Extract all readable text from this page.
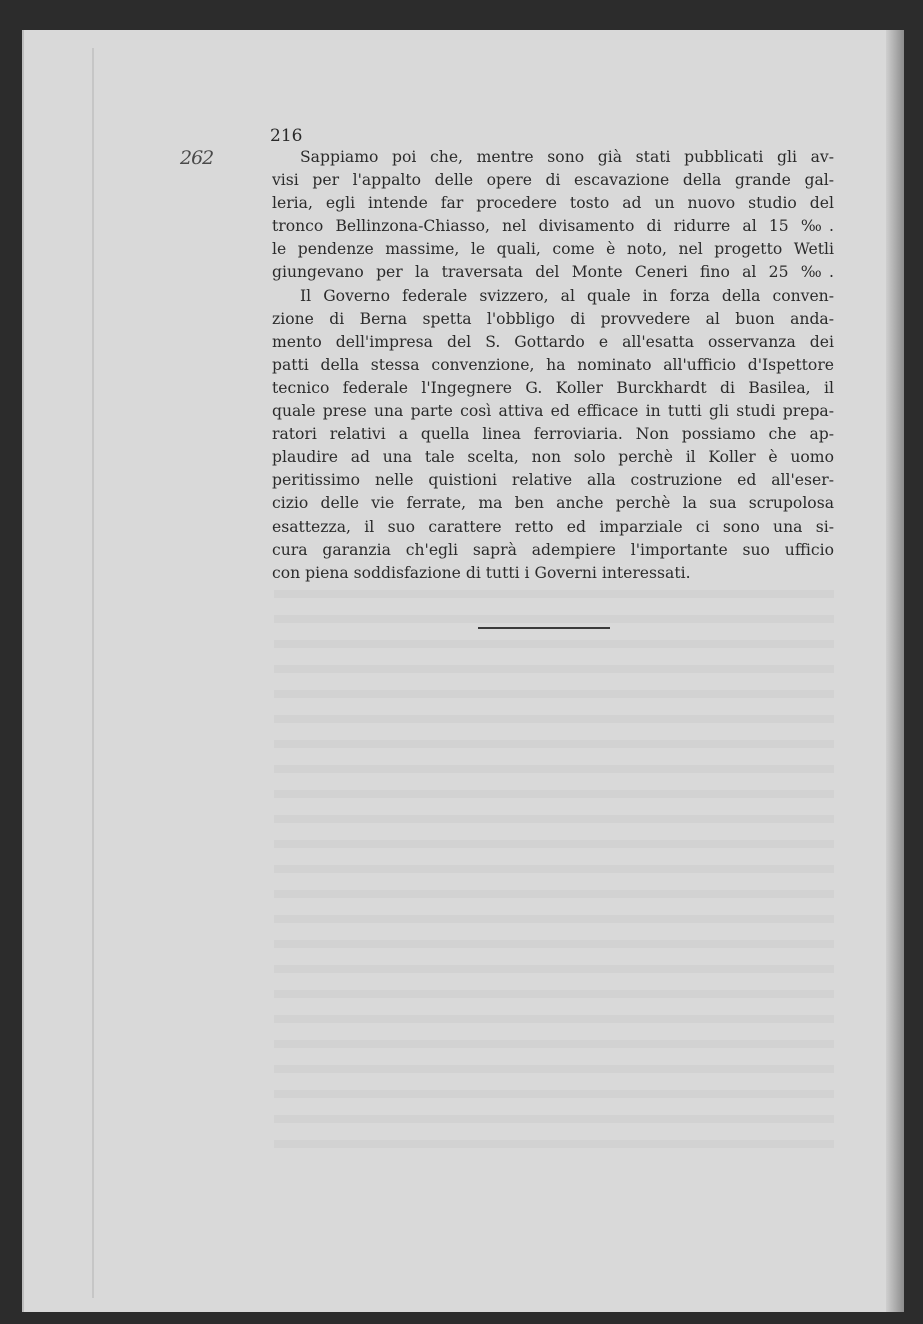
262
216
Sappiamo poi che, mentre sono già stati pubblicati gli av-
visi per l'appalto delle opere di escavazione della grande gal-
leria, egli intende far procedere tosto ad un nuovo studio del
tronco Bellinzona-Chiasso, nel divisamento di ridurre al 15 ‰.
le pendenze massime, le quali, come è noto, nel progetto Wetli
giungevano per la traversata del Monte Ceneri fino al 25 ‰.
Il Governo federale svizzero, al quale in forza della conven-
zione di Berna spetta l'obbligo di provvedere al buon anda-
mento dell'impresa del S. Gottardo e all'esatta osservanza dei
patti della stessa convenzione, ha nominato all'ufficio d'Ispettore
tecnico federale l'Ingegnere G. Koller Burckhardt di Basilea, il
quale prese una parte così attiva ed efficace in tutti gli studi prepa-
ratori relativi a quella linea ferroviaria. Non possiamo che ap-
plaudire ad una tale scelta, non solo perchè il Koller è uomo
peritissimo nelle quistioni relative alla costruzione ed all'eser-
cizio delle vie ferrate, ma ben anche perchè la sua scrupolosa
esattezza, il suo carattere retto ed imparziale ci sono una si-
cura garanzia ch'egli saprà adempiere l'importante suo ufficio
con piena soddisfazione di tutti i Governi interessati.
